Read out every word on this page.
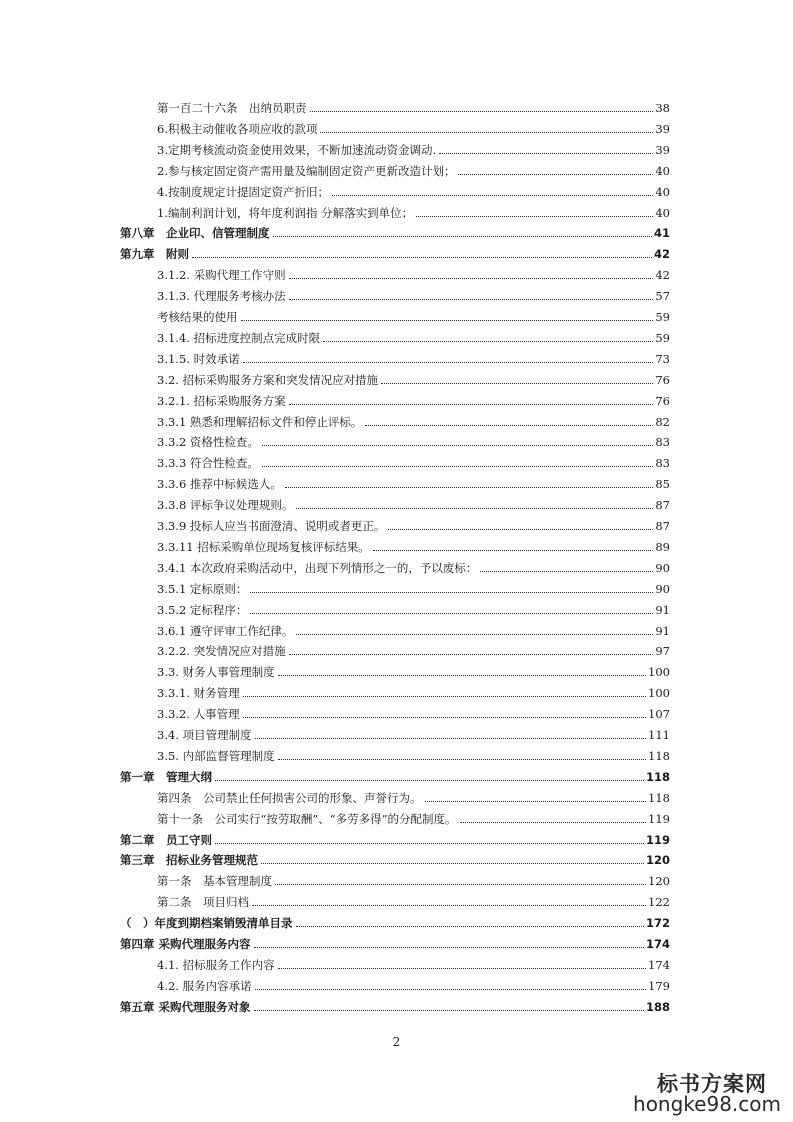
第一百二十六条　出纳员职责	38
6.积极主动催收各项应收的款项	39
3.定期考核流动资金使用效果，不断加速流动资金调动.	39
2.参与核定固定资产需用量及编制固定资产更新改造计划；	40
4.按制度规定计提固定资产折旧；	40
1.编制利润计划，将年度利润指 分解落实到单位；	40
第八章　企业印、信管理制度	41
第九章　附则	42
3.1.2. 采购代理工作守则	42
3.1.3. 代理服务考核办法	57
考核结果的使用	59
3.1.4. 招标进度控制点完成时限	59
3.1.5. 时效承诺	73
3.2. 招标采购服务方案和突发情况应对措施	76
3.2.1. 招标采购服务方案	76
3.3.1 熟悉和理解招标文件和停止评标。	82
3.3.2 资格性检查。	83
3.3.3 符合性检查。	83
3.3.6 推荐中标候选人。	85
3.3.8 评标争议处理规则。	87
3.3.9 投标人应当书面澄清、说明或者更正。	87
3.3.11 招标采购单位现场复核评标结果。	89
3.4.1 本次政府采购活动中，出现下列情形之一的，予以废标：	90
3.5.1 定标原则：	90
3.5.2 定标程序：	91
3.6.1 遵守评审工作纪律。	91
3.2.2. 突发情况应对措施	97
3.3. 财务人事管理制度	100
3.3.1. 财务管理	100
3.3.2. 人事管理	107
3.4. 项目管理制度	111
3.5. 内部监督管理制度	118
第一章　管理大纲	118
第四条　公司禁止任何损害公司的形象、声誉行为。	118
第十一条　公司实行“按劳取酬”、“多劳多得”的分配制度。	119
第二章　员工守则	119
第三章　招标业务管理规范	120
第一条　基本管理制度	120
第二条　项目归档	122
（　）年度到期档案销毁清单目录	172
第四章 采购代理服务内容	174
4.1. 招标服务工作内容	174
4.2. 服务内容承诺	179
第五章 采购代理服务对象	188
2
标书方案网
hongke98.com
